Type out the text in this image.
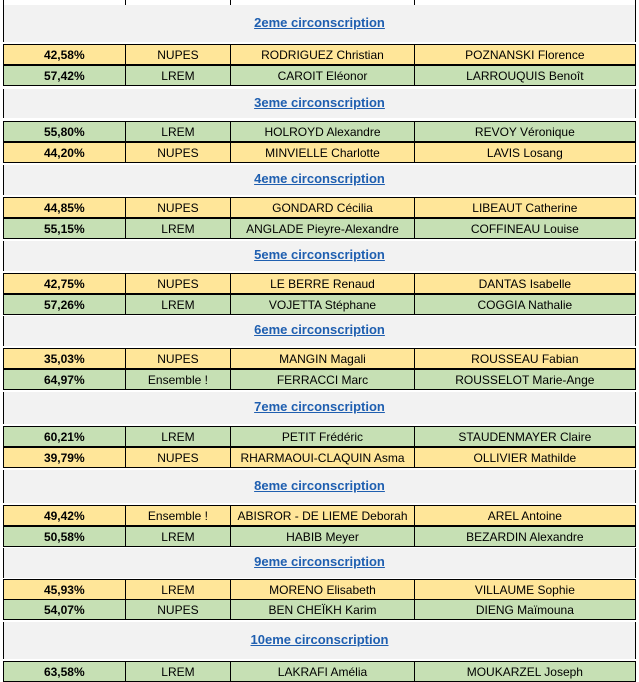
2eme circonscription
42,58%	NUPES	RODRIGUEZ Christian	POZNANSKI Florence
57,42%	LREM	CAROIT Eléonor	LARROUQUIS Benoît
3eme circonscription
55,80%	LREM	HOLROYD Alexandre	REVOY Véronique
44,20%	NUPES	MINVIELLE Charlotte	LAVIS Losang
4eme circonscription
44,85%	NUPES	GONDARD Cécilia	LIBEAUT Catherine
55,15%	LREM	ANGLADE Pieyre-Alexandre	COFFINEAU Louise
5eme circonscription
42,75%	NUPES	LE BERRE Renaud	DANTAS Isabelle
57,26%	LREM	VOJETTA Stéphane	COGGIA Nathalie
6eme circonscription
35,03%	NUPES	MANGIN Magali	ROUSSEAU Fabian
64,97%	Ensemble !	FERRACCI Marc	ROUSSELOT Marie-Ange
7eme circonscription
60,21%	LREM	PETIT Frédéric	STAUDENMAYER Claire
39,79%	NUPES	RHARMAOUI-CLAQUIN Asma	OLLIVIER Mathilde
8eme circonscription
49,42%	Ensemble !	ABISROR - DE LIEME Deborah	AREL Antoine
50,58%	LREM	HABIB Meyer	BEZARDIN Alexandre
9eme circonscription
45,93%	LREM	MORENO Elisabeth	VILLAUME Sophie
54,07%	NUPES	BEN CHEÏKH Karim	DIENG Maïmouna
10eme circonscription
63,58%	LREM	LAKRAFI Amélia	MOUKARZEL Joseph
